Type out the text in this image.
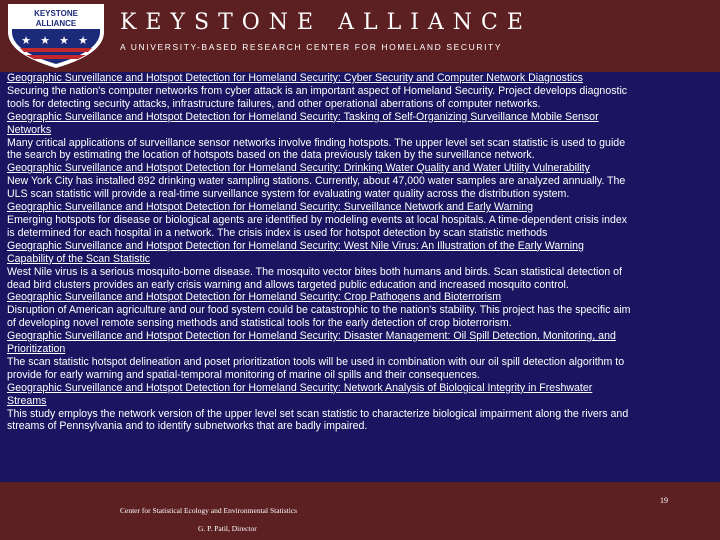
KEYSTONE
ALLIANCE
★ ★ ★ ★
KEYSTONE ALLIANCE
A UNIVERSITY-BASED RESEARCH CENTER FOR HOMELAND SECURITY
Geographic Surveillance and Hotspot Detection for Homeland Security: Cyber Security and Computer Network Diagnostics
Securing the nation's computer networks from cyber attack is an important aspect of Homeland Security. Project develops diagnostic
tools for detecting security attacks, infrastructure failures, and other operational aberrations of computer networks.
Geographic Surveillance and Hotspot Detection for Homeland Security: Tasking of Self-Organizing Surveillance Mobile Sensor
Networks
Many critical applications of surveillance sensor networks involve finding hotspots. The upper level set scan statistic is used to guide
the search by estimating the location of hotspots based on the data previously taken by the surveillance network.
Geographic Surveillance and Hotspot Detection for Homeland Security: Drinking Water Quality and Water Utility Vulnerability
New York City has installed 892 drinking water sampling stations. Currently, about 47,000 water samples are analyzed annually. The
ULS scan statistic will provide a real-time surveillance system for evaluating water quality across the distribution system.
Geographic Surveillance and Hotspot Detection for Homeland Security: Surveillance Network and Early Warning
Emerging hotspots for disease or biological agents are identified by modeling events at local hospitals. A time-dependent crisis index
is determined for each hospital in a network. The crisis index is used for hotspot detection by scan statistic methods
Geographic Surveillance and Hotspot Detection for Homeland Security: West Nile Virus: An Illustration of the Early Warning
Capability of the Scan Statistic
West Nile virus is a serious mosquito-borne disease. The mosquito vector bites both humans and birds. Scan statistical detection of
dead bird clusters provides an early crisis warning and allows targeted public education and increased mosquito control.
Geographic Surveillance and Hotspot Detection for Homeland Security: Crop Pathogens and Bioterrorism
Disruption of American agriculture and our food system could be catastrophic to the nation's stability. This project has the specific aim
of developing novel remote sensing methods and statistical tools for the early detection of crop bioterrorism.
Geographic Surveillance and Hotspot Detection for Homeland Security: Disaster Management: Oil Spill Detection, Monitoring, and
Prioritization
The scan statistic hotspot delineation and poset prioritization tools will be used in combination with our oil spill detection algorithm to
provide for early warning and spatial-temporal monitoring of marine oil spills and their consequences.
Geographic Surveillance and Hotspot Detection for Homeland Security: Network Analysis of Biological Integrity in Freshwater
Streams
This study employs the network version of the upper level set scan statistic to characterize biological impairment along the rivers and
streams of Pennsylvania and to identify subnetworks that are badly impaired.
Center for Statistical Ecology and Environmental Statistics
G. P. Patil, Director
19
